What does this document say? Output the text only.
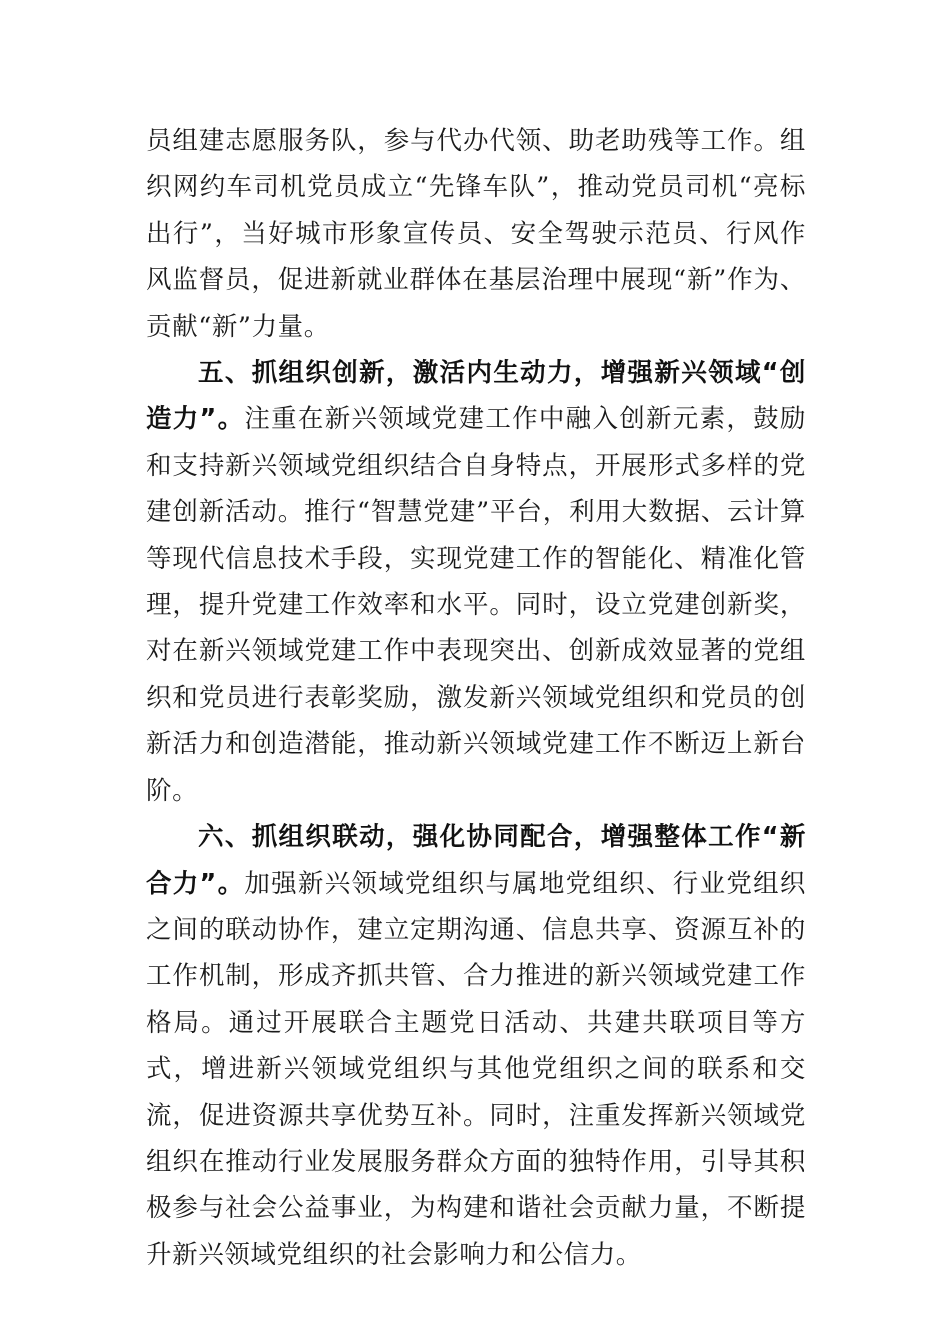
员组建志愿服务队，参与代办代领、助老助残等工作。组织网约车司机党员成立“先锋车队”，推动党员司机“亮标出行”，当好城市形象宣传员、安全驾驶示范员、行风作风监督员，促进新就业群体在基层治理中展现“新”作为、贡献“新”力量。

五、抓组织创新，激活内生动力，增强新兴领域“创造力”。注重在新兴领域党建工作中融入创新元素，鼓励和支持新兴领域党组织结合自身特点，开展形式多样的党建创新活动。推行“智慧党建”平台，利用大数据、云计算等现代信息技术手段，实现党建工作的智能化、精准化管理，提升党建工作效率和水平。同时，设立党建创新奖，对在新兴领域党建工作中表现突出、创新成效显著的党组织和党员进行表彰奖励，激发新兴领域党组织和党员的创新活力和创造潜能，推动新兴领域党建工作不断迈上新台阶。

六、抓组织联动，强化协同配合，增强整体工作“新合力”。加强新兴领域党组织与属地党组织、行业党组织之间的联动协作，建立定期沟通、信息共享、资源互补的工作机制，形成齐抓共管、合力推进的新兴领域党建工作格局。通过开展联合主题党日活动、共建共联项目等方式，增进新兴领域党组织与其他党组织之间的联系和交流，促进资源共享优势互补。同时，注重发挥新兴领域党组织在推动行业发展服务群众方面的独特作用，引导其积极参与社会公益事业，为构建和谐社会贡献力量，不断提升新兴领域党组织的社会影响力和公信力。
